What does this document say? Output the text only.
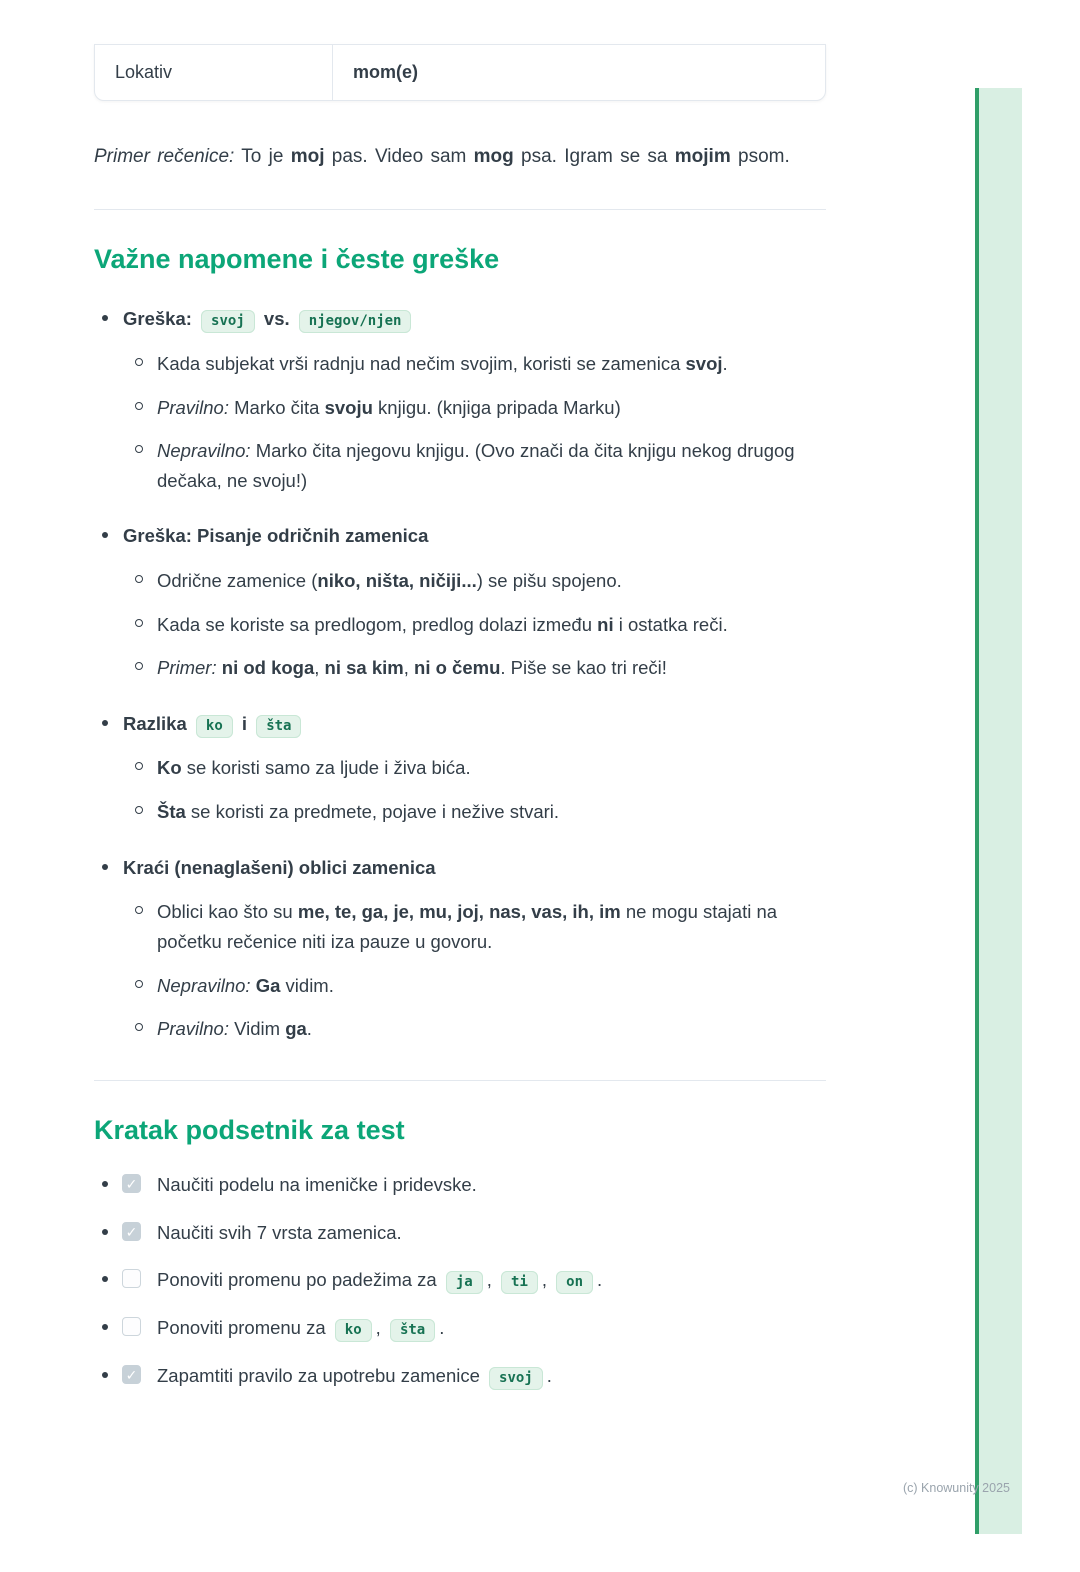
Lokativ	mom(e)

Primer rečenice: To je moj pas. Video sam mog psa. Igram se sa mojim psom.

Važne napomene i česte greške
Greška: svoj vs. njegov/njen
Kada subjekat vrši radnju nad nečim svojim, koristi se zamenica svoj.
Pravilno: Marko čita svoju knjigu. (knjiga pripada Marku)
Nepravilno: Marko čita njegovu knjigu. (Ovo znači da čita knjigu nekog drugog dečaka, ne svoju!)
Greška: Pisanje odričnih zamenica
Odrične zamenice (niko, ništa, ničiji...) se pišu spojeno.
Kada se koriste sa predlogom, predlog dolazi između ni i ostatka reči.
Primer: ni od koga, ni sa kim, ni o čemu. Piše se kao tri reči!
Razlika ko i šta
Ko se koristi samo za ljude i živa bića.
Šta se koristi za predmete, pojave i nežive stvari.
Kraći (nenaglašeni) oblici zamenica
Oblici kao što su me, te, ga, je, mu, joj, nas, vas, ih, im ne mogu stajati na početku rečenice niti iza pauze u govoru.
Nepravilno: Ga vidim.
Pravilno: Vidim ga.
Kratak podsetnik za test
✓
Naučiti podelu na imeničke i pridevske.
✓
Naučiti svih 7 vrsta zamenica.
Ponoviti promenu po padežima za ja , ti , on .
Ponoviti promenu za ko , šta .
✓
Zapamtiti pravilo za upotrebu zamenice svoj .
(c) Knowunity 2025
